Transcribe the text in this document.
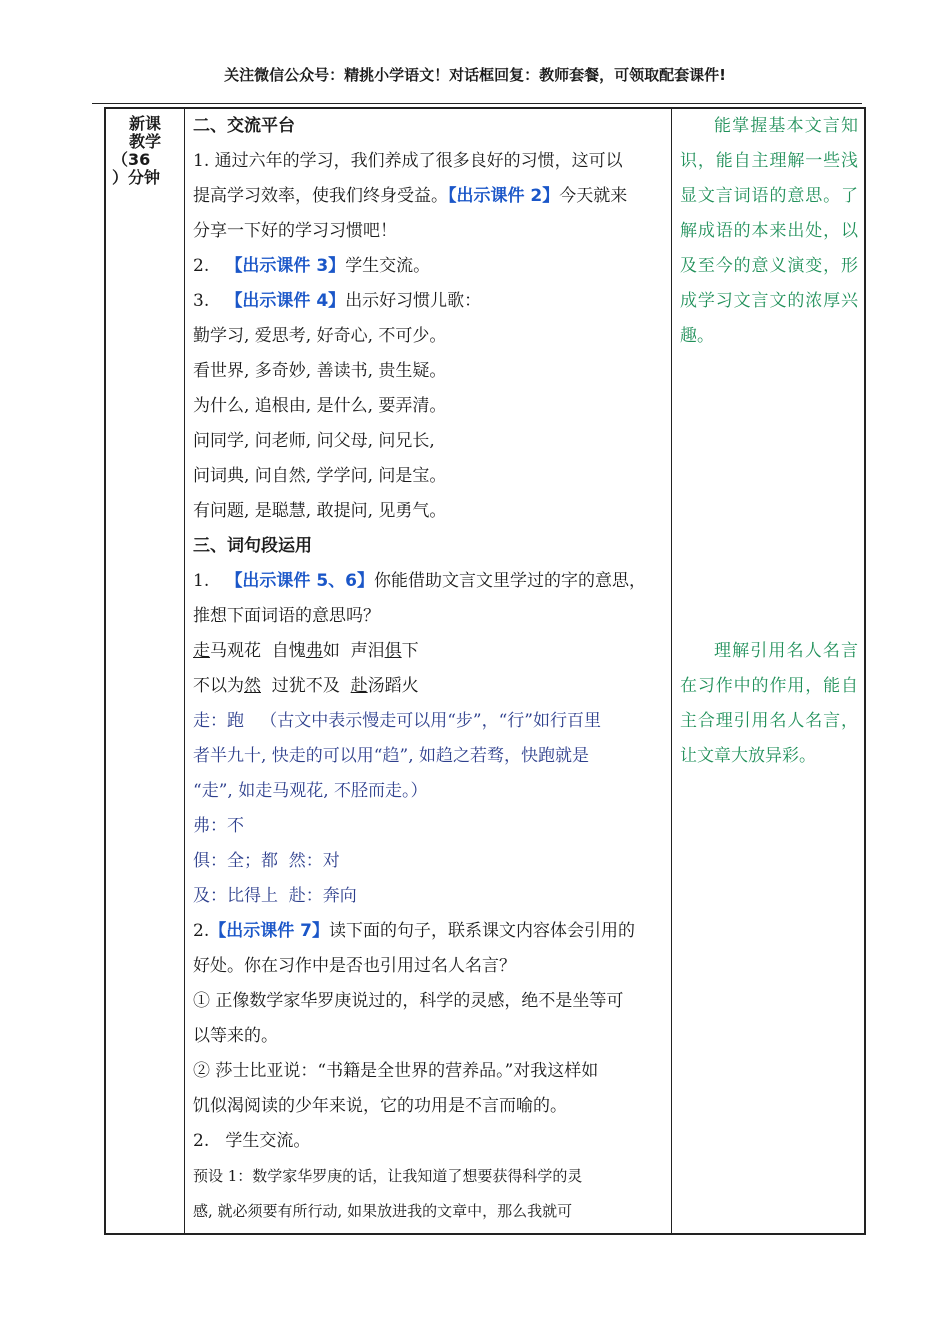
关注微信公众号：精挑小学语文！对话框回复：教师套餐，可领取配套课件!
新课
教学
（36
）分钟

二、交流平台
1. 通过六年的学习，我们养成了很多良好的习惯，这可以
提高学习效率，使我们终身受益。【出示课件 2】今天就来
分享一下好的学习习惯吧！
2.   【出示课件 3】学生交流。
3.   【出示课件 4】出示好习惯儿歌：
勤学习, 爱思考, 好奇心, 不可少。
看世界, 多奇妙, 善读书, 贵生疑。
为什么, 追根由, 是什么, 要弄清。
问同学, 问老师, 问父母, 问兄长,
问词典, 问自然, 学学问, 问是宝。
有问题, 是聪慧, 敢提问, 见勇气。
三、词句段运用
1.   【出示课件 5、6】你能借助文言文里学过的字的意思，
推想下面词语的意思吗？
走马观花  自愧弗如  声泪俱下
不以为然  过犹不及  赴汤蹈火
走：跑   （古文中表示慢走可以用“步”，“行”如行百里
者半九十, 快走的可以用“趋”, 如趋之若骛，快跑就是
“走”, 如走马观花, 不胫而走。）
弗：不
俱：全；都  然：对
及：比得上  赴：奔向
2.【出示课件 7】读下面的句子，联系课文内容体会引用的
好处。你在习作中是否也引用过名人名言？
① 正像数学家华罗庚说过的，科学的灵感，绝不是坐等可
以等来的。
② 莎士比亚说：“书籍是全世界的营养品。”对我这样如
饥似渴阅读的少年来说，它的功用是不言而喻的。
2.   学生交流。
预设 1：数学家华罗庚的话，让我知道了想要获得科学的灵
感, 就必须要有所行动, 如果放进我的文章中，那么我就可

能掌握基本文言知识，能自主理解一些浅显文言词语的意思。了解成语的本来出处，以及至今的意义演变，形成学习文言文的浓厚兴趣。

理解引用名人名言在习作中的作用，能自主合理引用名人名言，让文章大放异彩。
